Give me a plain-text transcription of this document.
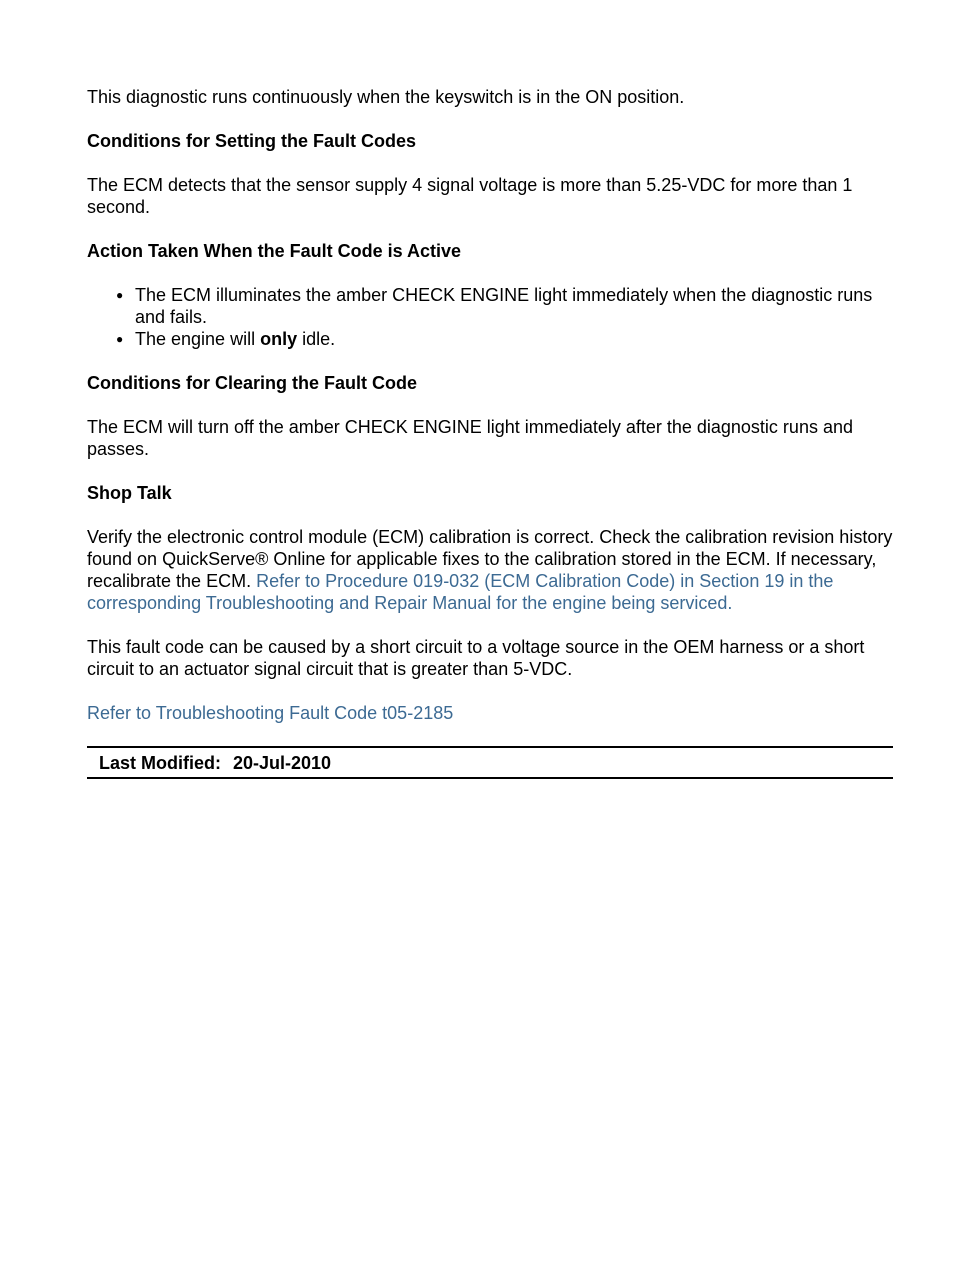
This diagnostic runs continuously when the keyswitch is in the ON position.

Conditions for Setting the Fault Codes

The ECM detects that the sensor supply 4 signal voltage is more than 5.25-VDC for more than 1 second.

Action Taken When the Fault Code is Active

● The ECM illuminates the amber CHECK ENGINE light immediately when the diagnostic runs and fails.
● The engine will only idle.

Conditions for Clearing the Fault Code

The ECM will turn off the amber CHECK ENGINE light immediately after the diagnostic runs and passes.

Shop Talk

Verify the electronic control module (ECM) calibration is correct. Check the calibration revision history found on QuickServe® Online for applicable fixes to the calibration stored in the ECM. If necessary, recalibrate the ECM. Refer to Procedure 019-032 (ECM Calibration Code) in Section 19 in the corresponding Troubleshooting and Repair Manual for the engine being serviced.

This fault code can be caused by a short circuit to a voltage source in the OEM harness or a short circuit to an actuator signal circuit that is greater than 5-VDC.

Refer to Troubleshooting Fault Code t05-2185

Last Modified: 20-Jul-2010
